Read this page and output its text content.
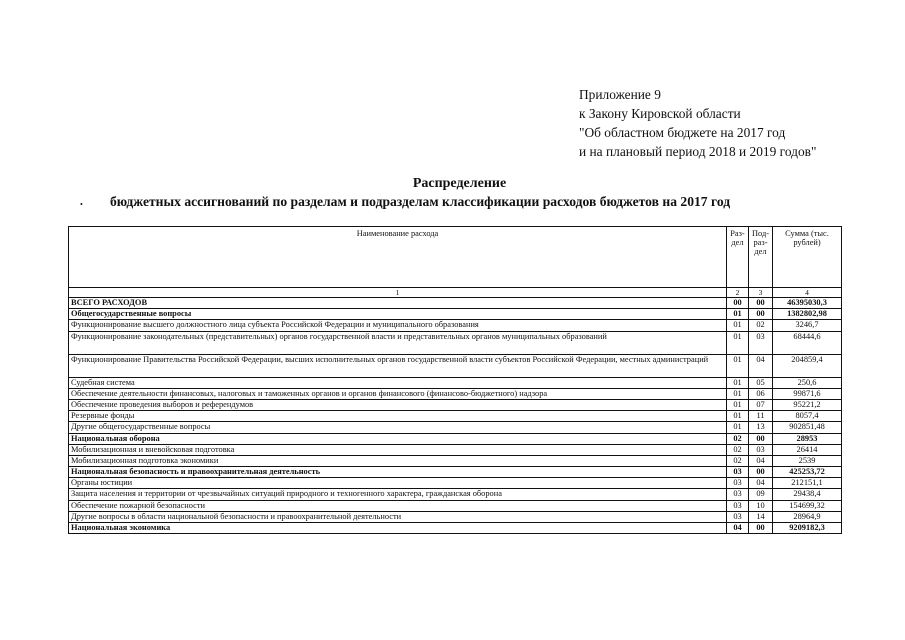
Приложение 9
к Закону Кировской области
"Об областном бюджете на 2017 год
и на плановый период 2018 и 2019 годов"
Распределение
• бюджетных ассигнований по разделам и подразделам классификации расходов бюджетов на 2017 год
Наименование расхода	Раз-дел	Под-раз-дел	Сумма (тыс. рублей)
1	2	3	4
ВСЕГО РАСХОДОВ	00	00	46395030,3
Общегосударственные вопросы	01	00	1382802,98
Функционирование высшего должностного лица субъекта Российской Федерации и муниципального образования	01	02	3246,7
Функционирование законодательных (представительных) органов государственной власти и представительных органов муниципальных образований	01	03	68444,6
Функционирование Правительства Российской Федерации, высших исполнительных органов государственной власти субъектов Российской Федерации, местных администраций	01	04	204859,4
Судебная система	01	05	250,6
Обеспечение деятельности финансовых, налоговых и таможенных органов и органов финансового (финансово-бюджетного) надзора	01	06	99871,6
Обеспечение проведения выборов и референдумов	01	07	95221,2
Резервные фонды	01	11	8057,4
Другие общегосударственные вопросы	01	13	902851,48
Национальная оборона	02	00	28953
Мобилизационная и вневойсковая подготовка	02	03	26414
Мобилизационная подготовка экономики	02	04	2539
Национальная безопасность и правоохранительная деятельность	03	00	425253,72
Органы юстиции	03	04	212151,1
Защита населения и территории от чрезвычайных ситуаций природного и техногенного характера, гражданская оборона	03	09	29438,4
Обеспечение пожарной безопасности	03	10	154699,32
Другие вопросы в области национальной безопасности и правоохранительной деятельности	03	14	28964,9
Национальная экономика	04	00	9209182,3
